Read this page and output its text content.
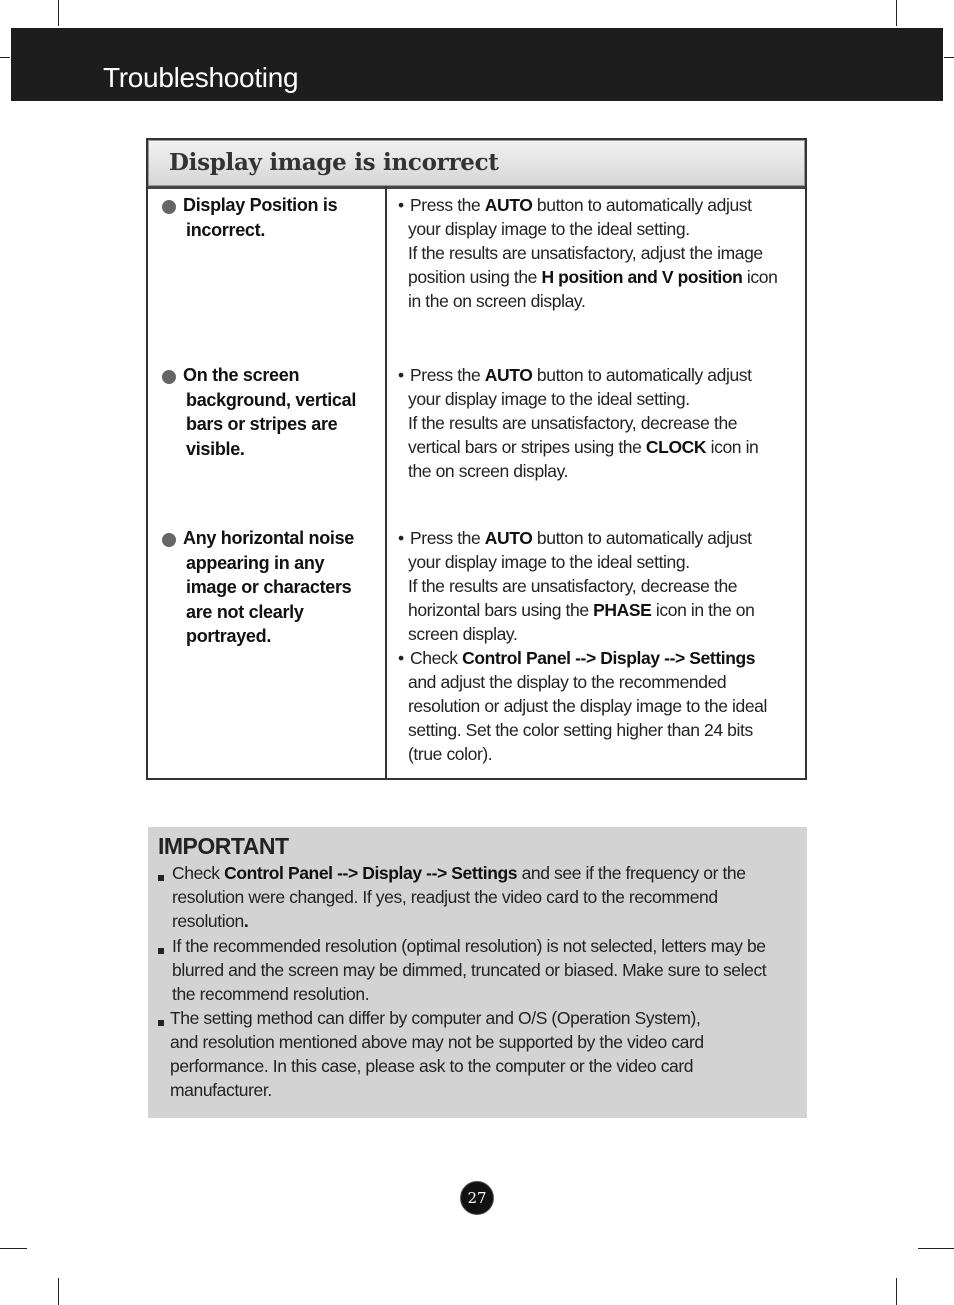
Troubleshooting
Display image is incorrect
Display Position is
incorrect.
• Press the AUTO button to automatically adjust
your display image to the ideal setting.
If the results are unsatisfactory, adjust the image
position using the H position and V position icon
in the on screen display.
On the screen
background, vertical
bars or stripes are
visible.
• Press the AUTO button to automatically adjust
your display image to the ideal setting.
If the results are unsatisfactory, decrease the
vertical bars or stripes using the CLOCK icon in
the on screen display.
Any horizontal noise
appearing in any
image or characters
are not clearly
portrayed.
• Press the AUTO button to automatically adjust
your display image to the ideal setting.
If the results are unsatisfactory, decrease the
horizontal bars using the PHASE icon in the on
screen display.
• Check Control Panel --> Display --> Settings
and adjust the display to the recommended
resolution or adjust the display image to the ideal
setting. Set the color setting higher than 24 bits
(true color).
IMPORTANT
Check Control Panel --> Display --> Settings and see if the frequency or the
resolution were changed. If yes, readjust the video card to the recommend
resolution.
If the recommended resolution (optimal resolution) is not selected, letters may be
blurred and the screen may be dimmed, truncated or biased. Make sure to select
the recommend resolution.
The setting method can differ by computer and O/S (Operation System),
and resolution mentioned above may not be supported by the video card
performance. In this case, please ask to the computer or the video card
manufacturer.
27
